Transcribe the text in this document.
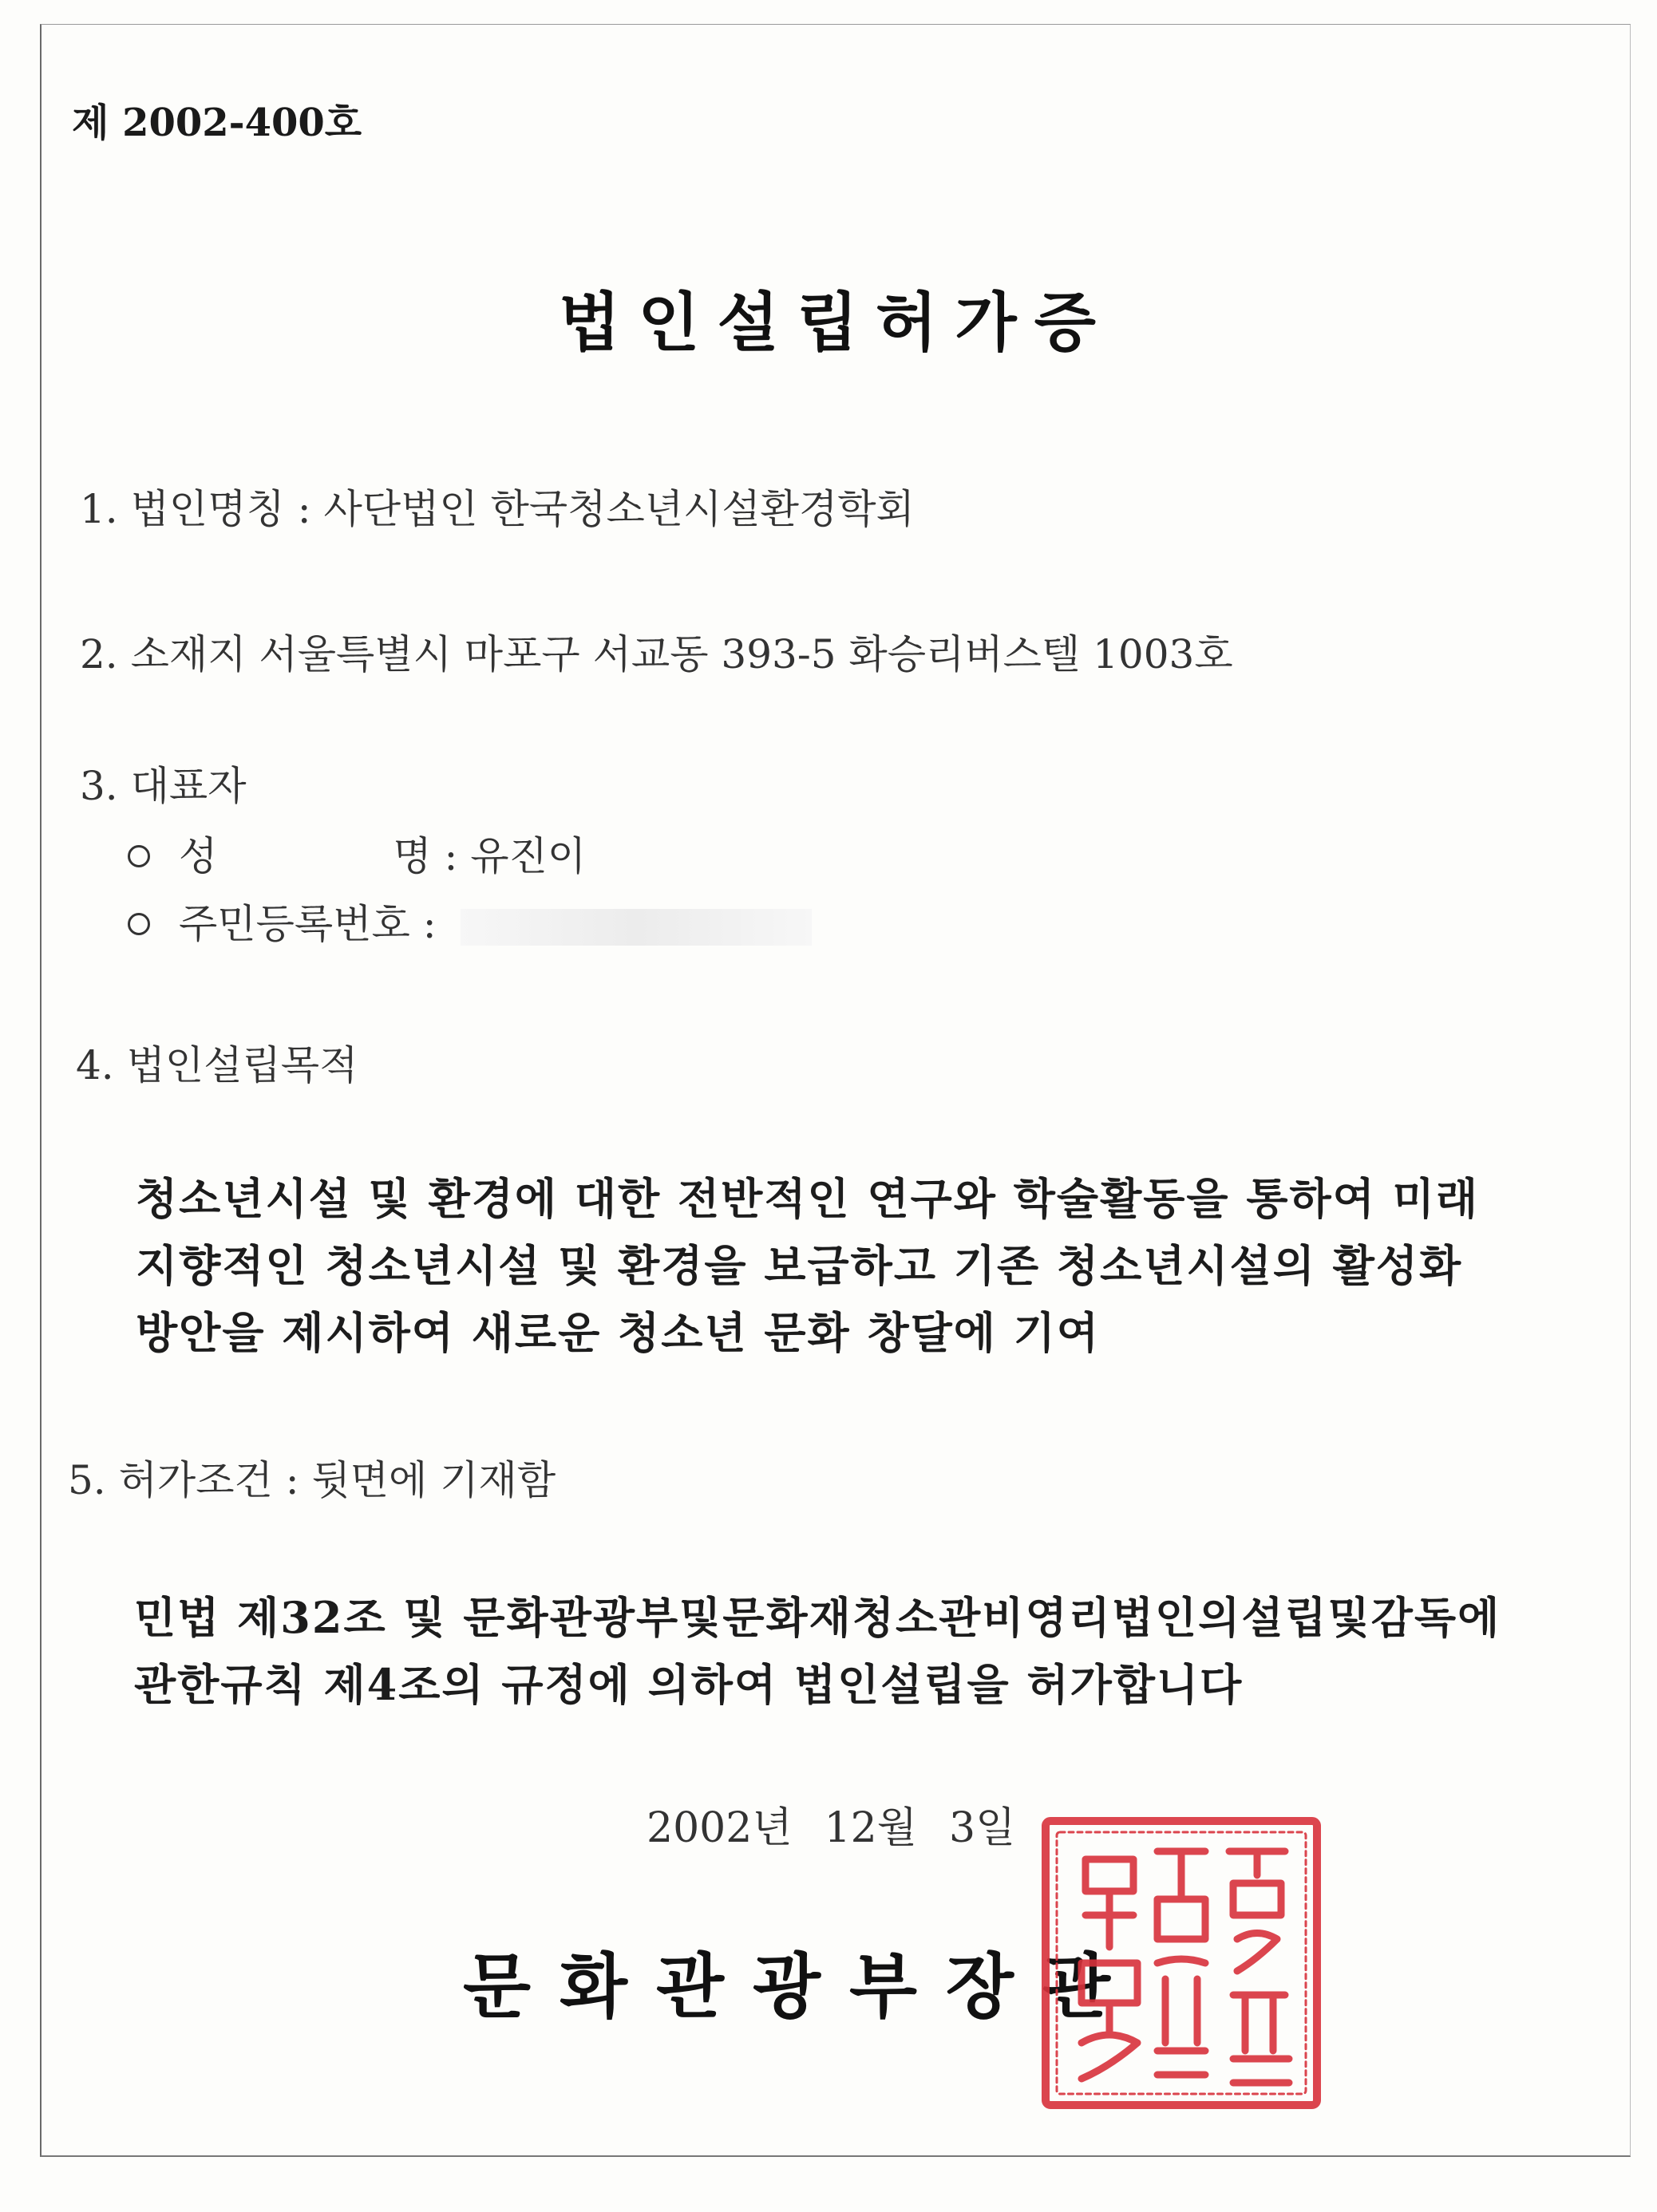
제 2002-400호
법인설립허가증
1. 법인명칭 : 사단법인 한국청소년시설환경학회
2. 소재지 서울특별시 마포구 서교동 393-5 화승리버스텔 1003호
3. 대표자
성	명 : 유진이
주민등록번호 :
4. 법인설립목적
청소년시설 및 환경에 대한 전반적인 연구와 학술활동을 통하여 미래
지향적인 청소년시설 및 환경을 보급하고 기존 청소년시설의 활성화
방안을 제시하여 새로운 청소년 문화 창달에 기여
5. 허가조건 : 뒷면에 기재함
민법 제32조 및 문화관광부및문화재청소관비영리법인의설립및감독에
관한규칙 제4조의 규정에 의하여 법인설립을 허가합니다
2002년 12월 3일
문화관광부장관
